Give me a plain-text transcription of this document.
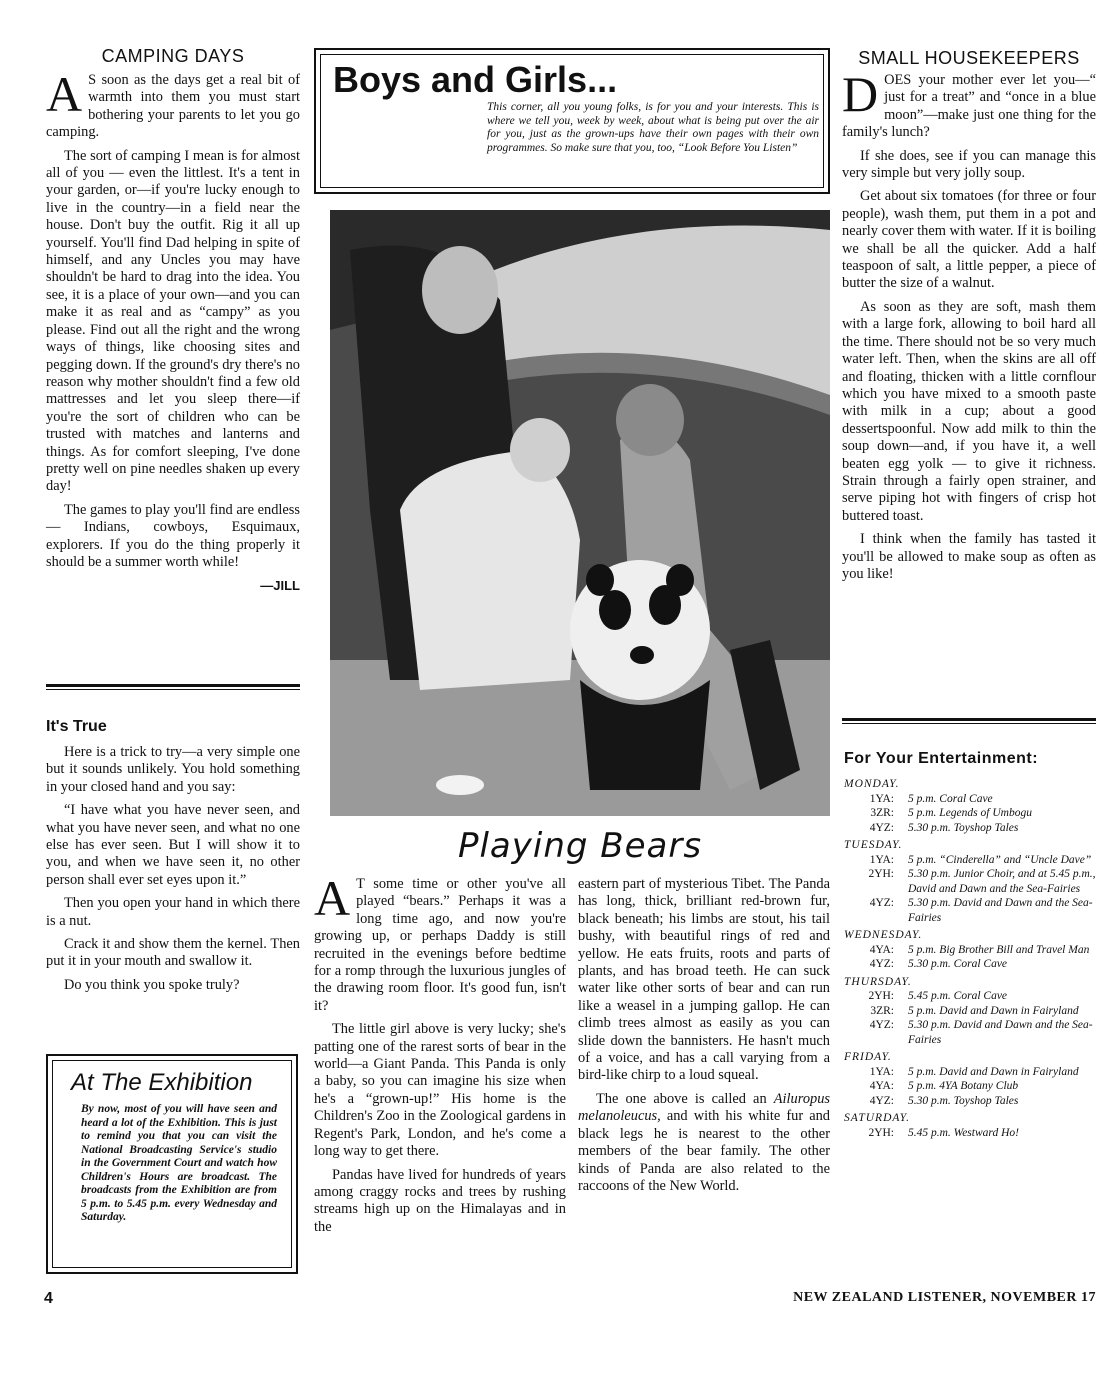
CAMPING DAYS

A S soon as the days get a real bit of warmth into them you must start bothering your parents to let you go camping.

The sort of camping I mean is for almost all of you — even the littlest. It's a tent in your garden, or—if you're lucky enough to live in the country—in a field near the house. Don't buy the outfit. Rig it all up yourself. You'll find Dad helping in spite of himself, and any Uncles you may have shouldn't be hard to drag into the idea. You see, it is a place of your own—and you can make it as real and as “campy” as you please. Find out all the right and the wrong ways of things, like choosing sites and pegging down. If the ground's dry there's no reason why mother shouldn't find a few old mattresses and let you sleep there—if you're the sort of children who can be trusted with matches and lanterns and things. As for comfort sleeping, I've done pretty well on pine needles shaken up every day!

The games to play you'll find are endless — Indians, cowboys, Esquimaux, explorers. If you do the thing properly it should be a summer worth while!

—JILL
It's True

Here is a trick to try—a very simple one but it sounds unlikely. You hold something in your closed hand and you say:

“I have what you have never seen, and what you have never seen, and what no one else has ever seen. But I will show it to you, and when we have seen it, no other person shall ever set eyes upon it.”

Then you open your hand in which there is a nut.

Crack it and show them the kernel. Then put it in your mouth and swallow it.

Do you think you spoke truly?

At The Exhibition
By now, most of you will have seen and heard a lot of the Exhibition. This is just to remind you that you can visit the National Broadcasting Service's studio in the Government Court and watch how Children's Hours are broadcast. The broadcasts from the Exhibition are from 5 p.m. to 5.45 p.m. every Wednesday and Saturday.
Boys and Girls...
This corner, all you young folks, is for you and your interests. This is where we tell you, week by week, about what is being put over the air for you, just as the grown-ups have their own pages with their own programmes. So make sure that you, too, “Look Before You Listen”
Playing Bears

A T some time or other you've all played “bears.” Perhaps it was a long time ago, and now you're growing up, or perhaps Daddy is still recruited in the evenings before bedtime for a romp through the luxurious jungles of the drawing room floor. It's good fun, isn't it?

The little girl above is very lucky; she's patting one of the rarest sorts of bear in the world—a Giant Panda. This Panda is only a baby, so you can imagine his size when he's a “grown-up!” His home is the Children's Zoo in the Zoological gardens in Regent's Park, London, and he's come a long way to get there.

Pandas have lived for hundreds of years among craggy rocks and trees by rushing streams high up on the Himalayas and in the

eastern part of mysterious Tibet. The Panda has long, thick, brilliant red-brown fur, black beneath; his limbs are stout, his tail bushy, with beautiful rings of red and yellow. He eats fruits, roots and parts of plants, and has broad teeth. He can suck water like other sorts of bear and can run like a weasel in a jumping gallop. He can climb trees almost as easily as you can slide down the bannisters. He hasn't much of a voice, and has a call varying from a bird-like chirp to a loud squeal.

The one above is called an Ailuropus melanoleucus, and with his white fur and black legs he is nearest to the other members of the bear family. The other kinds of Panda are also related to the raccoons of the New World.

SMALL HOUSEKEEPERS

DOES your mother ever let you—“ just for a treat” and “once in a blue moon”—make just one thing for the family's lunch?

If she does, see if you can manage this very simple but very jolly soup.

Get about six tomatoes (for three or four people), wash them, put them in a pot and nearly cover them with water. If it is boiling we shall be all the quicker. Add a half teaspoon of salt, a little pepper, a piece of butter the size of a walnut.

As soon as they are soft, mash them with a large fork, allowing to boil hard all the time. There should not be so very much water left. Then, when the skins are all off and floating, thicken with a little cornflour which you have mixed to a smooth paste with milk in a cup; about a good dessertspoonful. Now add milk to thin the soup down—and, if you have it, a well beaten egg yolk — to give it richness. Strain through a fairly open strainer, and serve piping hot with fingers of crisp hot buttered toast.

I think when the family has tasted it you'll be allowed to make soup as often as you like!

For Your Entertainment:
MONDAY.
1YA:	5 p.m. Coral Cave
3ZR:	5 p.m. Legends of Umbogu
4YZ:	5.30 p.m. Toyshop Tales
TUESDAY.
1YA:	5 p.m. “Cinderella” and “Uncle Dave”
2YH:	5.30 p.m. Junior Choir, and at 5.45 p.m., David and Dawn and the Sea-Fairies
4YZ:	5.30 p.m. David and Dawn and the Sea-Fairies
WEDNESDAY.
4YA:	5 p.m. Big Brother Bill and Travel Man
4YZ:	5.30 p.m. Coral Cave
THURSDAY.
2YH:	5.45 p.m. Coral Cave
3ZR:	5 p.m. David and Dawn in Fairyland
4YZ:	5.30 p.m. David and Dawn and the Sea-Fairies
FRIDAY.
1YA:	5 p.m. David and Dawn in Fairyland
4YA:	5 p.m. 4YA Botany Club
4YZ:	5.30 p.m. Toyshop Tales
SATURDAY.
2YH:	5.45 p.m. Westward Ho!
4	NEW ZEALAND LISTENER, NOVEMBER 17
